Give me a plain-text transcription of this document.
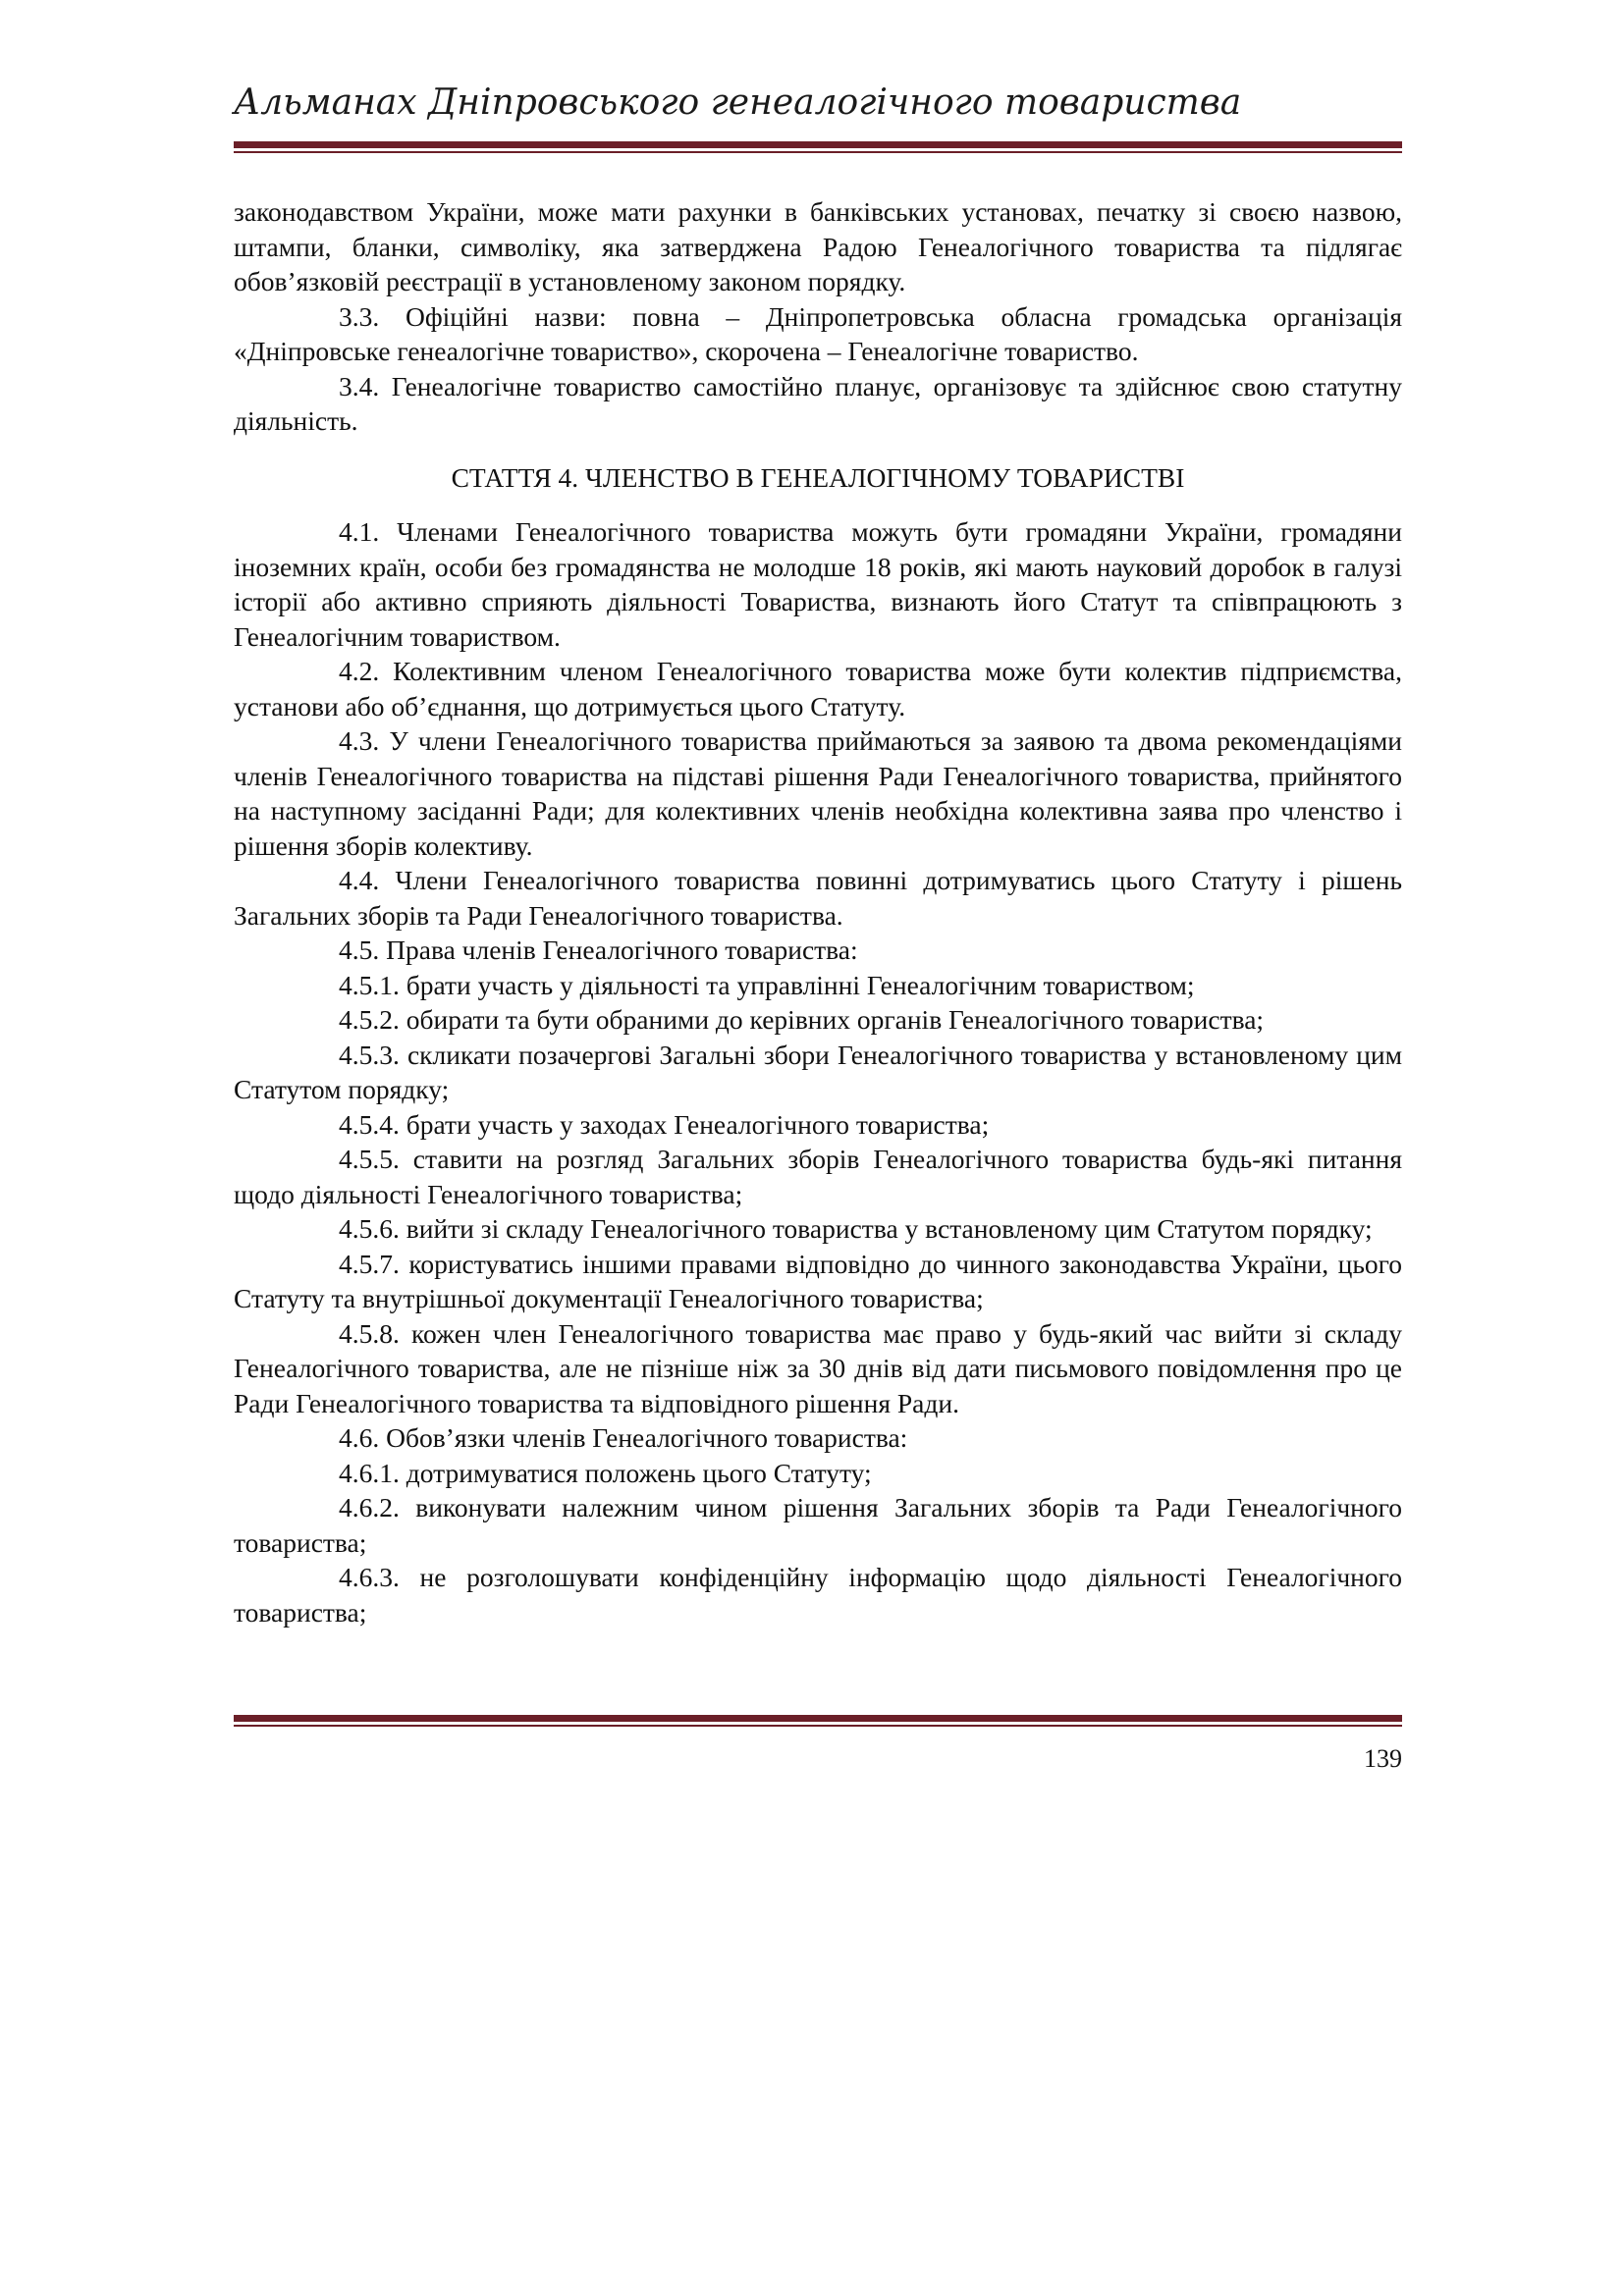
Альманах Дніпровського генеалогічного товариства

законодавством України, може мати рахунки в банківських установах, печатку зі своєю назвою, штампи, бланки, символіку, яка затверджена Радою Генеалогічного товариства та підлягає обов’язковій реєстрації в установленому законом порядку.

3.3. Офіційні назви: повна – Дніпропетровська обласна громадська організація «Дніпровське генеалогічне товариство», скорочена – Генеалогічне товариство.

3.4. Генеалогічне товариство самостійно планує, організовує та здійснює свою статутну діяльність.

СТАТТЯ 4. ЧЛЕНСТВО В ГЕНЕАЛОГІЧНОМУ ТОВАРИСТВІ

4.1. Членами Генеалогічного товариства можуть бути громадяни України, громадяни іноземних країн, особи без громадянства не молодше 18 років, які мають науковий доробок в галузі історії або активно сприяють діяльності Товариства, визнають його Статут та співпрацюють з Генеалогічним товариством.

4.2. Колективним членом Генеалогічного товариства може бути колектив підприємства, установи або об’єднання, що дотримується цього Статуту.

4.3. У члени Генеалогічного товариства приймаються за заявою та двома рекомендаціями членів Генеалогічного товариства на підставі рішення Ради Генеалогічного товариства, прийнятого на наступному засіданні Ради; для колективних членів необхідна колективна заява про членство і рішення зборів колективу.

4.4. Члени Генеалогічного товариства повинні дотримуватись цього Статуту і рішень Загальних зборів та Ради Генеалогічного товариства.

4.5. Права членів Генеалогічного товариства:

4.5.1. брати участь у діяльності та управлінні Генеалогічним товариством;

4.5.2. обирати та бути обраними до керівних органів Генеалогічного товариства;

4.5.3. скликати позачергові Загальні збори Генеалогічного товариства у встановленому цим Статутом порядку;

4.5.4. брати участь у заходах Генеалогічного товариства;

4.5.5. ставити на розгляд Загальних зборів Генеалогічного товариства будь-які питання щодо діяльності Генеалогічного товариства;

4.5.6. вийти зі складу Генеалогічного товариства у встановленому цим Статутом порядку;

4.5.7. користуватись іншими правами відповідно до чинного законодавства України, цього Статуту та внутрішньої документації Генеалогічного товариства;

4.5.8. кожен член Генеалогічного товариства має право у будь-який час вийти зі складу Генеалогічного товариства, але не пізніше ніж за 30 днів від дати письмового повідомлення про це Ради Генеалогічного товариства та відповідного рішення Ради.

4.6. Обов’язки членів Генеалогічного товариства:

4.6.1. дотримуватися положень цього Статуту;

4.6.2. виконувати належним чином рішення Загальних зборів та Ради Генеалогічного товариства;

4.6.3. не розголошувати конфіденційну інформацію щодо діяльності Генеалогічного товариства;

139
